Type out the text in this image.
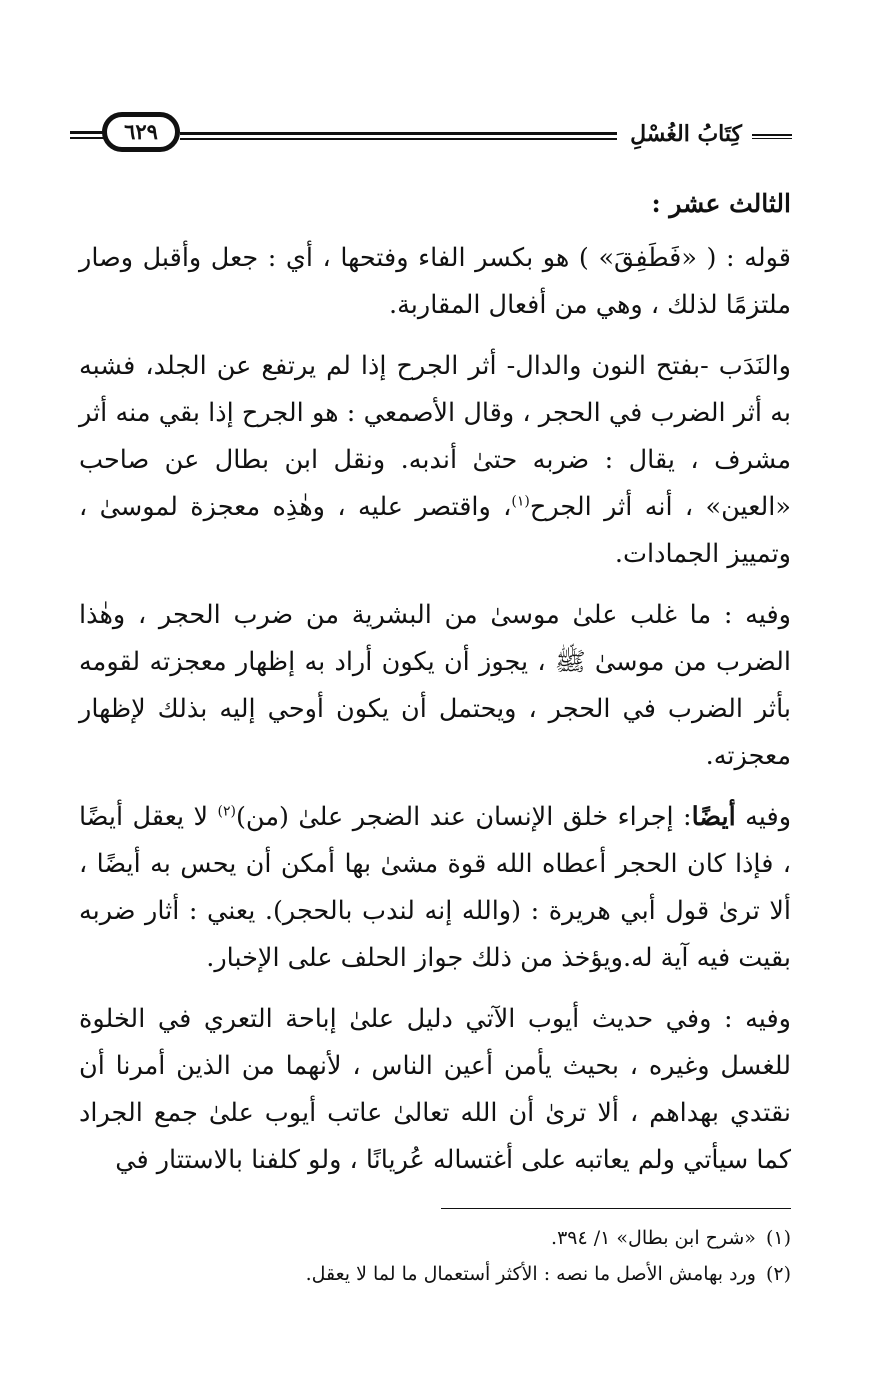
كِتَابُ الغُسْلِ
٦٢٩
الثالث عشر :

قوله : ( «فَطَفِقَ» ) هو بكسر الفاء وفتحها ، أي : جعل وأقبل وصار ملتزمًا لذلك ، وهي من أفعال المقاربة.

والنَدَب -بفتح النون والدال- أثر الجرح إذا لم يرتفع عن الجلد، فشبه به أثر الضرب في الحجر ، وقال الأصمعي : هو الجرح إذا بقي منه أثر مشرف ، يقال : ضربه حتىٰ أندبه. ونقل ابن بطال عن صاحب «العين» ، أنه أثر الجرح$^{(١)}$، واقتصر عليه ، وهٰذِه معجزة لموسىٰ ، وتمييز الجمادات.

وفيه : ما غلب علىٰ موسىٰ من البشرية من ضرب الحجر ، وهٰذا الضرب من موسىٰ ﷺ ، يجوز أن يكون أراد به إظهار معجزته لقومه بأثر الضرب في الحجر ، ويحتمل أن يكون أوحي إليه بذلك لإظهار معجزته.

وفيه أيضًا: إجراء خلق الإنسان عند الضجر علىٰ (من)$^{(٢)}$ لا يعقل أيضًا ، فإذا كان الحجر أعطاه الله قوة مشىٰ بها أمكن أن يحس به أيضًا ، ألا ترىٰ قول أبي هريرة : (والله إنه لندب بالحجر). يعني : أثار ضربه بقيت فيه آية له.ويؤخذ من ذلك جواز الحلف على الإخبار.

وفيه : وفي حديث أيوب الآتي دليل علىٰ إباحة التعري في الخلوة للغسل وغيره ، بحيث يأمن أعين الناس ، لأنهما من الذين أمرنا أن نقتدي بهداهم ، ألا ترىٰ أن الله تعالىٰ عاتب أيوب علىٰ جمع الجراد كما سيأتي ولم يعاتبه على أغتساله عُريانًا ، ولو كلفنا بالاستتار في

(١)«شرح ابن بطال» ١/ ٣٩٤.

(٢)ورد بهامش الأصل ما نصه : الأكثر أستعمال ما لما لا يعقل.
